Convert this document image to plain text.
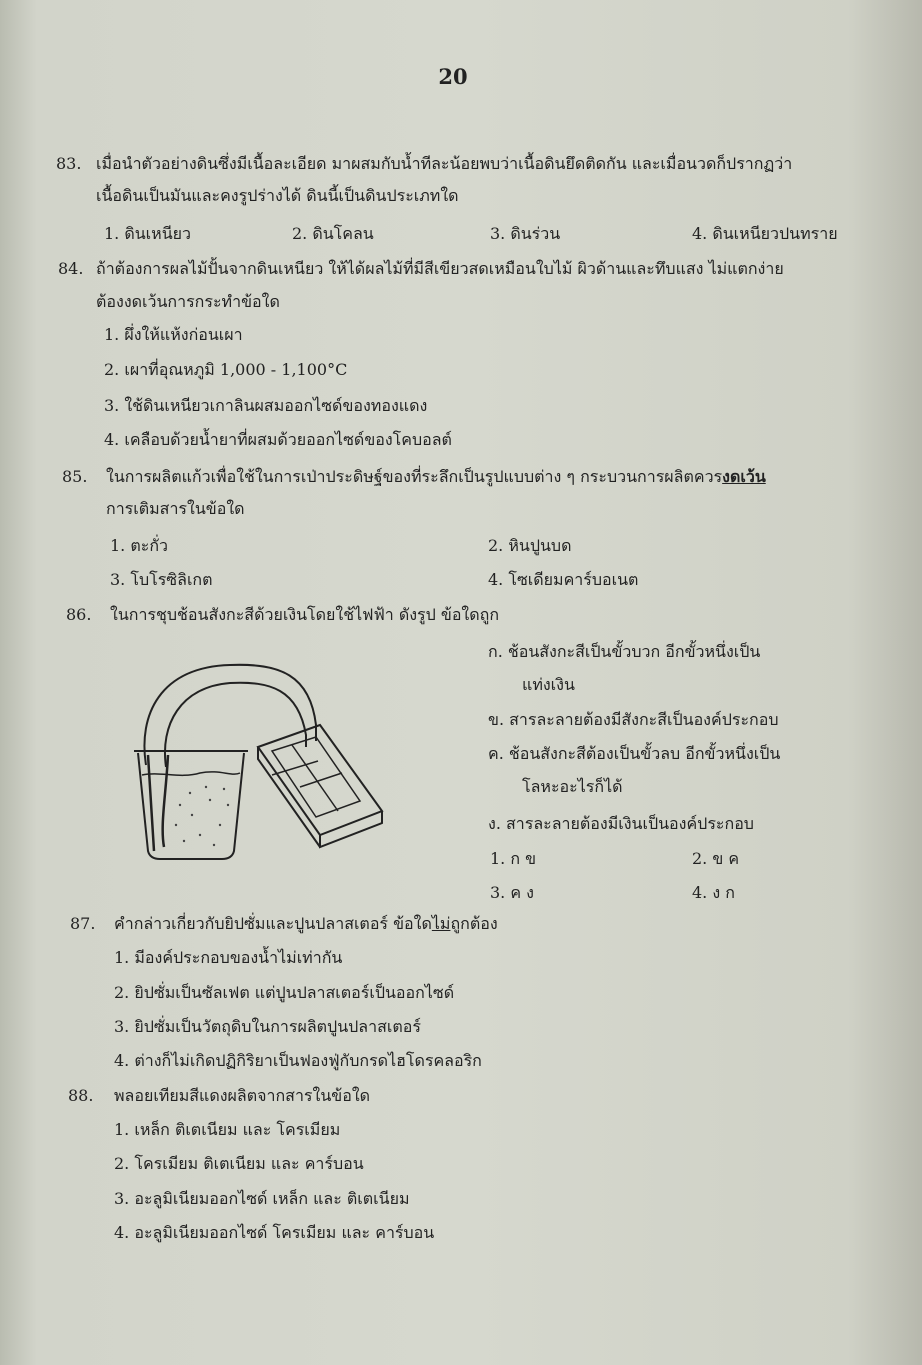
20
83. เมื่อนำตัวอย่างดินซึ่งมีเนื้อละเอียด มาผสมกับน้ำทีละน้อยพบว่าเนื้อดินยึดติดกัน และเมื่อนวดก็ปรากฏว่า
เนื้อดินเป็นมันและคงรูปร่างได้ ดินนี้เป็นดินประเภทใด
1. ดินเหนียว	2. ดินโคลน	3. ดินร่วน	4. ดินเหนียวปนทราย
84. ถ้าต้องการผลไม้ปั้นจากดินเหนียว ให้ได้ผลไม้ที่มีสีเขียวสดเหมือนใบไม้ ผิวด้านและทึบแสง ไม่แตกง่าย
ต้องงดเว้นการกระทำข้อใด
1. ผึ่งให้แห้งก่อนเผา
2. เผาที่อุณหภูมิ 1,000 - 1,100°C
3. ใช้ดินเหนียวเกาลินผสมออกไซด์ของทองแดง
4. เคลือบด้วยน้ำยาที่ผสมด้วยออกไซด์ของโคบอลต์
85. ในการผลิตแก้วเพื่อใช้ในการเป่าประดิษฐ์ของที่ระลึกเป็นรูปแบบต่าง ๆ กระบวนการผลิตควรงดเว้น
การเติมสารในข้อใด
1. ตะกั่ว	2. หินปูนบด
3. โบโรซิลิเกต	4. โซเดียมคาร์บอเนต
86. ในการชุบช้อนสังกะสีด้วยเงินโดยใช้ไฟฟ้า ดังรูป ข้อใดถูก
ก. ช้อนสังกะสีเป็นขั้วบวก อีกขั้วหนึ่งเป็น
แท่งเงิน
ข. สารละลายต้องมีสังกะสีเป็นองค์ประกอบ
ค. ช้อนสังกะสีต้องเป็นขั้วลบ อีกขั้วหนึ่งเป็น
โลหะอะไรก็ได้
ง. สารละลายต้องมีเงินเป็นองค์ประกอบ
1. ก ข	2. ข ค
3. ค ง	4. ง ก
87. คำกล่าวเกี่ยวกับยิปซั่มและปูนปลาสเตอร์ ข้อใดไม่ถูกต้อง
1. มีองค์ประกอบของน้ำไม่เท่ากัน
2. ยิปซั่มเป็นซัลเฟต แต่ปูนปลาสเตอร์เป็นออกไซด์
3. ยิปซั่มเป็นวัตถุดิบในการผลิตปูนปลาสเตอร์
4. ต่างก็ไม่เกิดปฏิกิริยาเป็นฟองฟู่กับกรดไฮโดรคลอริก
88. พลอยเทียมสีแดงผลิตจากสารในข้อใด
1. เหล็ก ติเตเนียม และ โครเมียม
2. โครเมียม ติเตเนียม และ คาร์บอน
3. อะลูมิเนียมออกไซด์ เหล็ก และ ติเตเนียม
4. อะลูมิเนียมออกไซด์ โครเมียม และ คาร์บอน
